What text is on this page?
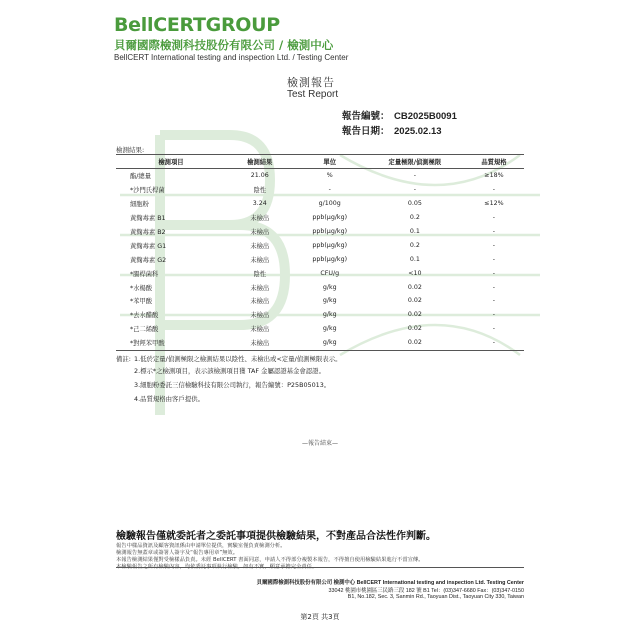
BellCERTGROUP
貝爾國際檢測科技股份有限公司 / 檢測中心
BellCERT International testing and inspection Ltd. / Testing Center
檢測報告
Test Report
報告編號： CB2025B0091
報告日期： 2025.02.13
檢測結果:
檢測項目	檢測結果	單位	定量極限/偵測極限	品質規格
酯/總量	21.06	%	-	≥18%
*沙門氏桿菌	陰性	-	-	-
細胞粉	3.24	g/100g	0.05	≤12%
黃麴毒素 B1	未檢出	ppb(μg/kg)	0.2	-
黃麴毒素 B2	未檢出	ppb(μg/kg)	0.1	-
黃麴毒素 G1	未檢出	ppb(μg/kg)	0.2	-
黃麴毒素 G2	未檢出	ppb(μg/kg)	0.1	-
*腸桿菌科	陰性	CFU/g	<10	-
*水楊酸	未檢出	g/kg	0.02	-
*苯甲酸	未檢出	g/kg	0.02	-
*去水醋酸	未檢出	g/kg	0.02	-
*己二烯酸	未檢出	g/kg	0.02	-
*對羥苯甲酸	未檢出	g/kg	0.02	-
備註: 1.低於定量/偵測極限之檢測結果以陰性、未檢出或<定量/偵測極限表示。
2.標示*之檢測項目，表示該檢測項目獲 TAF 金屬認證基金會認證。
3.細胞粉委託三信檢驗科技有限公司執行，報告編號：P25B05013。
4.品質規格由客戶提供。
—報告結束—
檢驗報告僅就委託者之委託事項提供檢驗結果，不對產品合法性作判斷。
報告中樣品資訊及顧客資訊係由申請單位提供，實驗室僅負責檢測分析。
檢測報告無蓋章或簽署人簽字及“報告專用章”無效。
本報告檢測結果僅對受檢樣品負責。未經 BellCERT 書面同意，申請人不得部分複製本報告，不得擅自使用檢驗結果進行不當宣傳。
本檢驗報告之所有檢驗內容，均依委託事項執行檢驗，如有不實，願意承擔完全責任。
貝爾國際檢測科技股份有限公司 檢測中心 BellCERT International testing and inspection Ltd. Testing Center
33042 桃園市桃園區三民路三段 182 號 B1 Tel：(03)347-6680 Fax：(03)347-0150
B1, No.182, Sec. 3, Sanmin Rd., Taoyuan Dist., Taoyuan City 330, Taiwan
第2頁 共3頁
